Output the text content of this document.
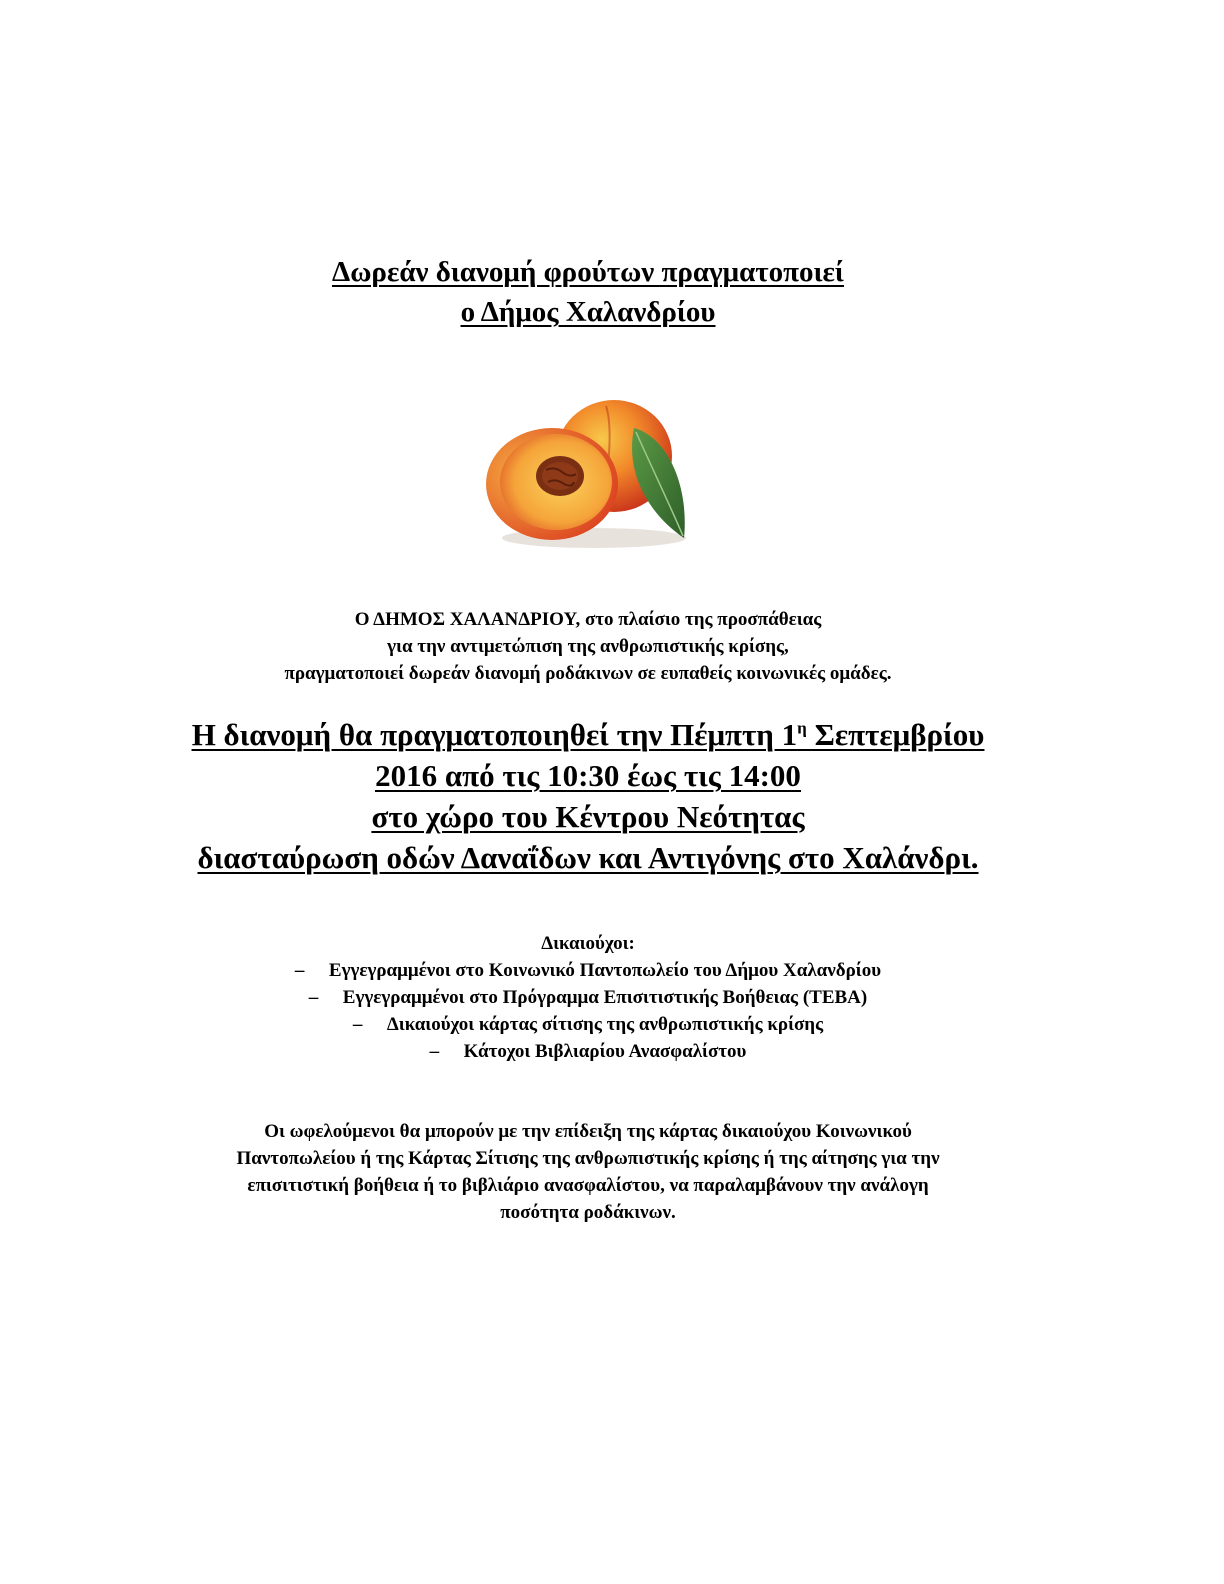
Δωρεάν διανομή φρούτων πραγματοποιεί
ο Δήμος Χαλανδρίου
Ο ΔΗΜΟΣ ΧΑΛΑΝΔΡΙΟΥ, στο πλαίσιο της προσπάθειας
για την αντιμετώπιση της ανθρωπιστικής κρίσης,
πραγματοποιεί δωρεάν διανομή ροδάκινων σε ευπαθείς κοινωνικές ομάδες.
Η διανομή θα πραγματοποιηθεί την Πέμπτη $1^\eta$ Σεπτεμβρίου
2016 από τις 10:30 έως τις 14:00
στο χώρο του Κέντρου Νεότητας
διασταύρωση οδών Δαναΐδων και Αντιγόνης στο Χαλάνδρι.
Δικαιούχοι:
– Εγγεγραμμένοι στο Κοινωνικό Παντοπωλείο του Δήμου Χαλανδρίου
– Εγγεγραμμένοι στο Πρόγραμμα Επισιτιστικής Βοήθειας (ΤΕΒΑ)
– Δικαιούχοι κάρτας σίτισης της ανθρωπιστικής κρίσης
– Κάτοχοι Βιβλιαρίου Ανασφαλίστου
Οι ωφελούμενοι θα μπορούν με την επίδειξη της κάρτας δικαιούχου Κοινωνικού
Παντοπωλείου ή της Κάρτας Σίτισης της ανθρωπιστικής κρίσης ή της αίτησης για την
επισιτιστική βοήθεια ή το βιβλιάριο ανασφαλίστου, να παραλαμβάνουν την ανάλογη
ποσότητα ροδάκινων.
